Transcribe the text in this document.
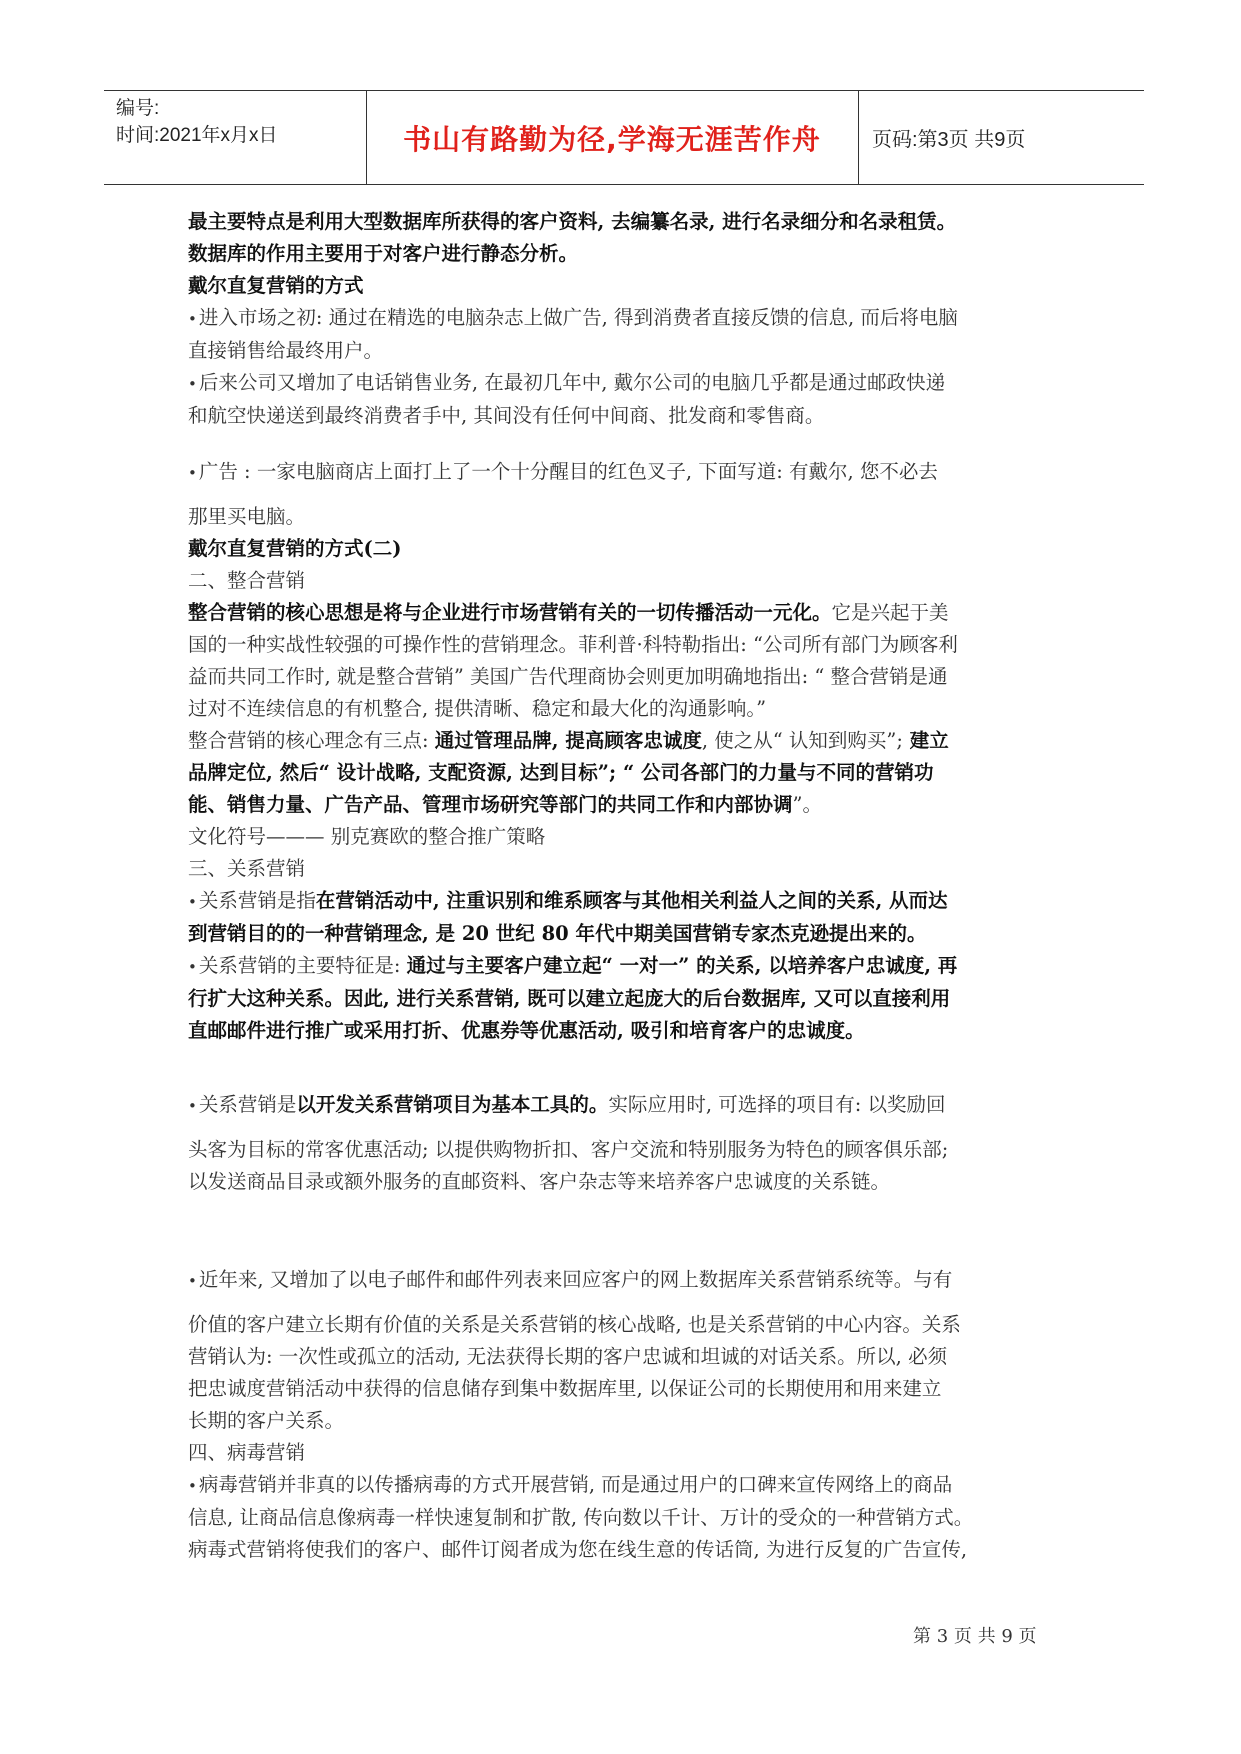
编号:
时间:2021年x月x日	书山有路勤为径,学海无涯苦作舟	页码:第3页 共9页

最主要特点是利用大型数据库所获得的客户资料, 去编纂名录, 进行名录细分和名录租赁。

数据库的作用主要用于对客户进行静态分析。

戴尔直复营销的方式

• 进入市场之初: 通过在精选的电脑杂志上做广告, 得到消费者直接反馈的信息, 而后将电脑

直接销售给最终用户。

• 后来公司又增加了电话销售业务, 在最初几年中, 戴尔公司的电脑几乎都是通过邮政快递

和航空快递送到最终消费者手中, 其间没有任何中间商、批发商和零售商。

• 广告 : 一家电脑商店上面打上了一个十分醒目的红色叉子, 下面写道: 有戴尔, 您不必去

那里买电脑。

戴尔直复营销的方式(二)

二、整合营销

整合营销的核心思想是将与企业进行市场营销有关的一切传播活动一元化。它是兴起于美

国的一种实战性较强的可操作性的营销理念。菲利普·科特勒指出: “公司所有部门为顾客利

益而共同工作时, 就是整合营销” 美国广告代理商协会则更加明确地指出: “ 整合营销是通

过对不连续信息的有机整合, 提供清晰、稳定和最大化的沟通影响。”

整合营销的核心理念有三点: 通过管理品牌, 提高顾客忠诚度, 使之从“ 认知到购买”; 建立

品牌定位, 然后“ 设计战略, 支配资源, 达到目标”; “ 公司各部门的力量与不同的营销功

能、销售力量、广告产品、管理市场研究等部门的共同工作和内部协调”。

文化符号——— 别克赛欧的整合推广策略

三、关系营销

• 关系营销是指在营销活动中, 注重识别和维系顾客与其他相关利益人之间的关系, 从而达

到营销目的的一种营销理念, 是 20 世纪 80 年代中期美国营销专家杰克逊提出来的。

• 关系营销的主要特征是: 通过与主要客户建立起“ 一对一” 的关系, 以培养客户忠诚度, 再

行扩大这种关系。因此, 进行关系营销, 既可以建立起庞大的后台数据库, 又可以直接利用

直邮邮件进行推广或采用打折、优惠券等优惠活动, 吸引和培育客户的忠诚度。

• 关系营销是以开发关系营销项目为基本工具的。实际应用时, 可选择的项目有: 以奖励回

头客为目标的常客优惠活动; 以提供购物折扣、客户交流和特别服务为特色的顾客俱乐部;

以发送商品目录或额外服务的直邮资料、客户杂志等来培养客户忠诚度的关系链。

• 近年来, 又增加了以电子邮件和邮件列表来回应客户的网上数据库关系营销系统等。与有

价值的客户建立长期有价值的关系是关系营销的核心战略, 也是关系营销的中心内容。关系

营销认为: 一次性或孤立的活动, 无法获得长期的客户忠诚和坦诚的对话关系。所以, 必须

把忠诚度营销活动中获得的信息储存到集中数据库里, 以保证公司的长期使用和用来建立

长期的客户关系。

四、病毒营销

• 病毒营销并非真的以传播病毒的方式开展营销, 而是通过用户的口碑来宣传网络上的商品

信息, 让商品信息像病毒一样快速复制和扩散, 传向数以千计、万计的受众的一种营销方式。

病毒式营销将使我们的客户、邮件订阅者成为您在线生意的传话筒, 为进行反复的广告宣传,

第 3 页 共 9 页
